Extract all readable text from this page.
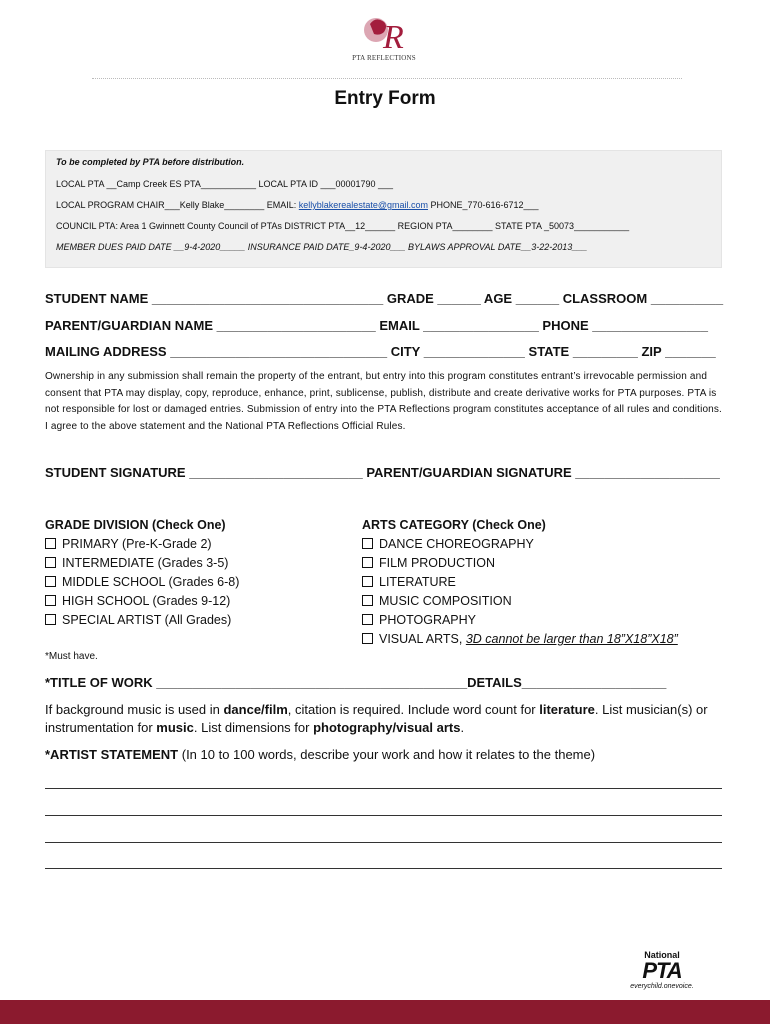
R
PTA REFLECTIONS
Entry Form
To be completed by PTA before distribution.
LOCAL PTA __Camp Creek ES PTA___________ LOCAL PTA ID ___00001790 ___
LOCAL PROGRAM CHAIR___Kelly Blake________ EMAIL: kellyblakerealestate@gmail.com PHONE_770-616-6712___
COUNCIL PTA: Area 1 Gwinnett County Council of PTAs DISTRICT PTA__12______ REGION PTA________ STATE PTA _50073___________
MEMBER DUES PAID DATE __9-4-2020_____ INSURANCE PAID DATE_9-4-2020___ BYLAWS APPROVAL DATE__3-22-2013___
STUDENT NAME ________________________________ GRADE ______ AGE ______ CLASSROOM __________
PARENT/GUARDIAN NAME ______________________ EMAIL ________________ PHONE ________________
MAILING ADDRESS ______________________________ CITY ______________ STATE _________ ZIP _______
Ownership in any submission shall remain the property of the entrant, but entry into this program constitutes entrant’s irrevocable permission and consent that PTA may display, copy, reproduce, enhance, print, sublicense, publish, distribute and create derivative works for PTA purposes. PTA is not responsible for lost or damaged entries. Submission of entry into the PTA Reflections program constitutes acceptance of all rules and conditions. I agree to the above statement and the National PTA Reflections Official Rules.
STUDENT SIGNATURE ________________________ PARENT/GUARDIAN SIGNATURE ____________________
GRADE DIVISION (Check One)
PRIMARY (Pre-K-Grade 2)
INTERMEDIATE (Grades 3-5)
MIDDLE SCHOOL (Grades 6-8)
HIGH SCHOOL (Grades 9-12)
SPECIAL ARTIST (All Grades)
ARTS CATEGORY (Check One)
DANCE CHOREOGRAPHY
FILM PRODUCTION
LITERATURE
MUSIC COMPOSITION
PHOTOGRAPHY
VISUAL ARTS, 3D cannot be larger than 18”X18”X18”
*Must have.
*TITLE OF WORK ___________________________________________DETAILS____________________
If background music is used in dance/film, citation is required. Include word count for literature. List musician(s) or instrumentation for music. List dimensions for photography/visual arts.
*ARTIST STATEMENT (In 10 to 100 words, describe your work and how it relates to the theme)
National
PTA
everychild.onevoice.
